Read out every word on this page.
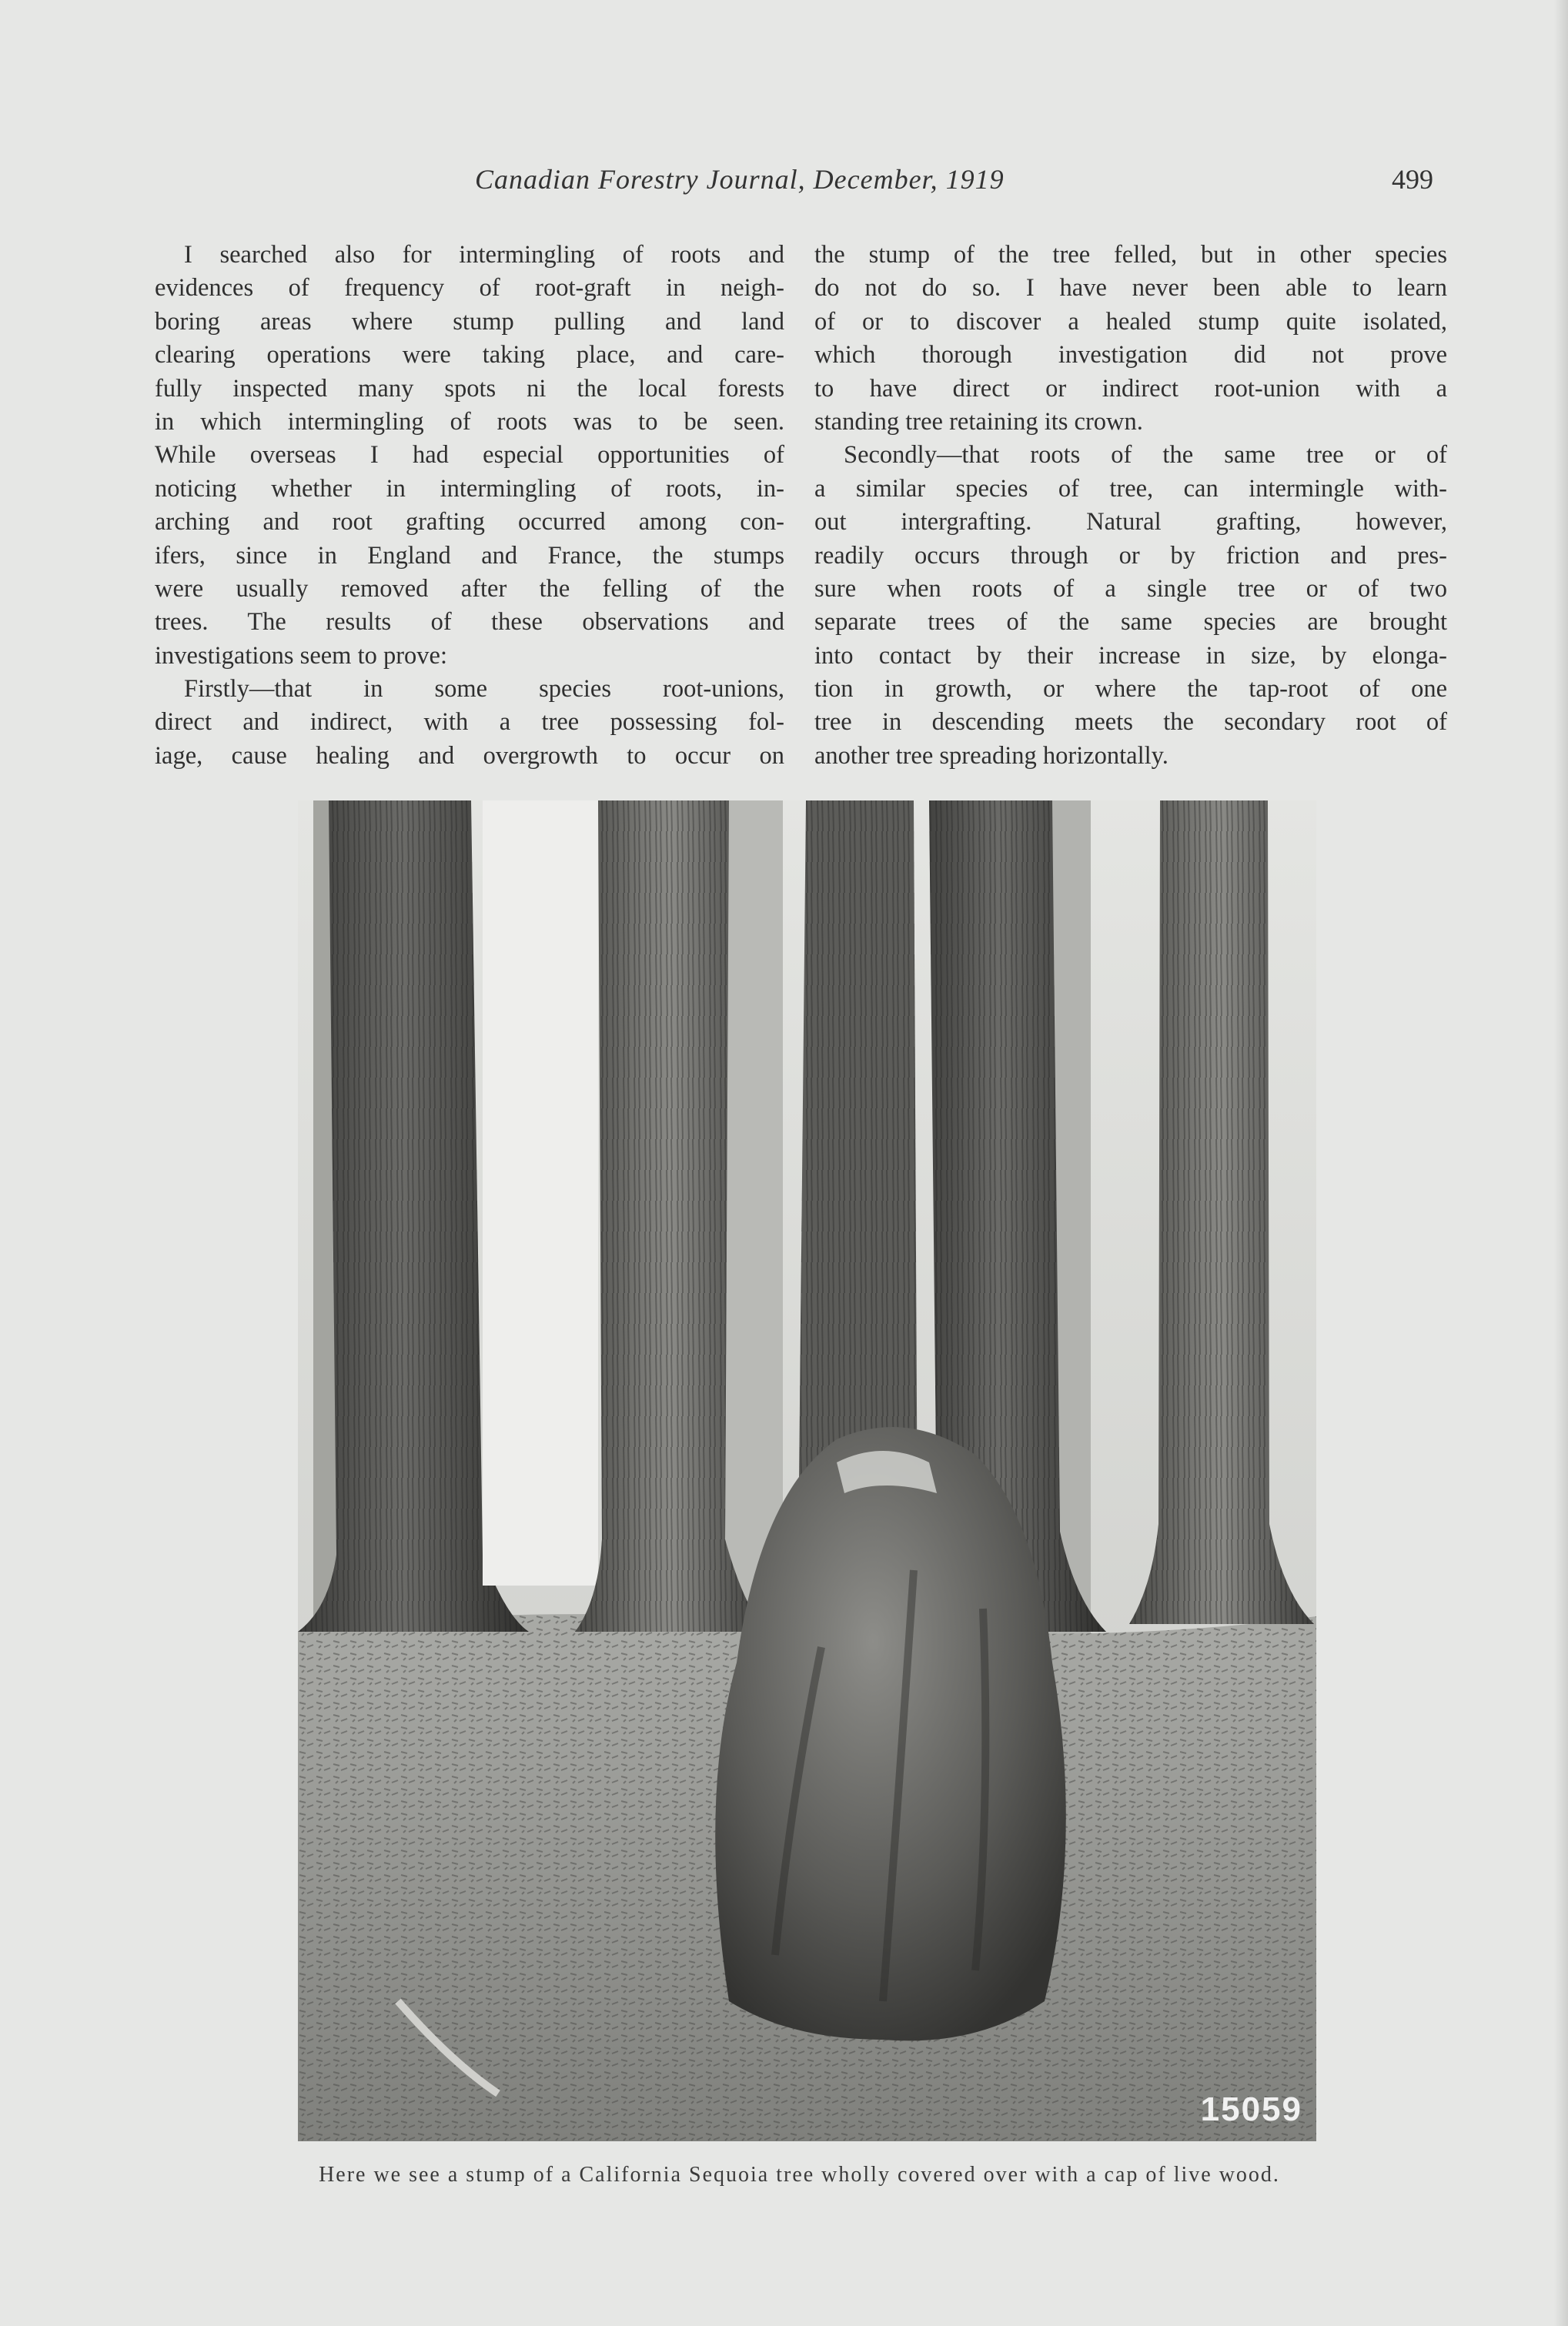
Canadian Forestry Journal, December, 1919	499

I searched also for intermingling of roots and

evidences of frequency of root-graft in neigh-

boring areas where stump pulling and land

clearing operations were taking place, and care-

fully inspected many spots ni the local forests

in which intermingling of roots was to be seen.

While overseas I had especial opportunities of

noticing whether in intermingling of roots, in-

arching and root grafting occurred among con-

ifers, since in England and France, the stumps

were usually removed after the felling of the

trees. The results of these observations and

investigations seem to prove:

Firstly—that in some species root-unions,

direct and indirect, with a tree possessing fol-

iage, cause healing and overgrowth to occur on

the stump of the tree felled, but in other species

do not do so. I have never been able to learn

of or to discover a healed stump quite isolated,

which thorough investigation did not prove

to have direct or indirect root-union with a

standing tree retaining its crown.

Secondly—that roots of the same tree or of

a similar species of tree, can intermingle with-

out intergrafting. Natural grafting, however,

readily occurs through or by friction and pres-

sure when roots of a single tree or of two

separate trees of the same species are brought

into contact by their increase in size, by elonga-

tion in growth, or where the tap-root of one

tree in descending meets the secondary root of

another tree spreading horizontally.

15059
Here we see a stump of a California Sequoia tree wholly covered over with a cap of live wood.
